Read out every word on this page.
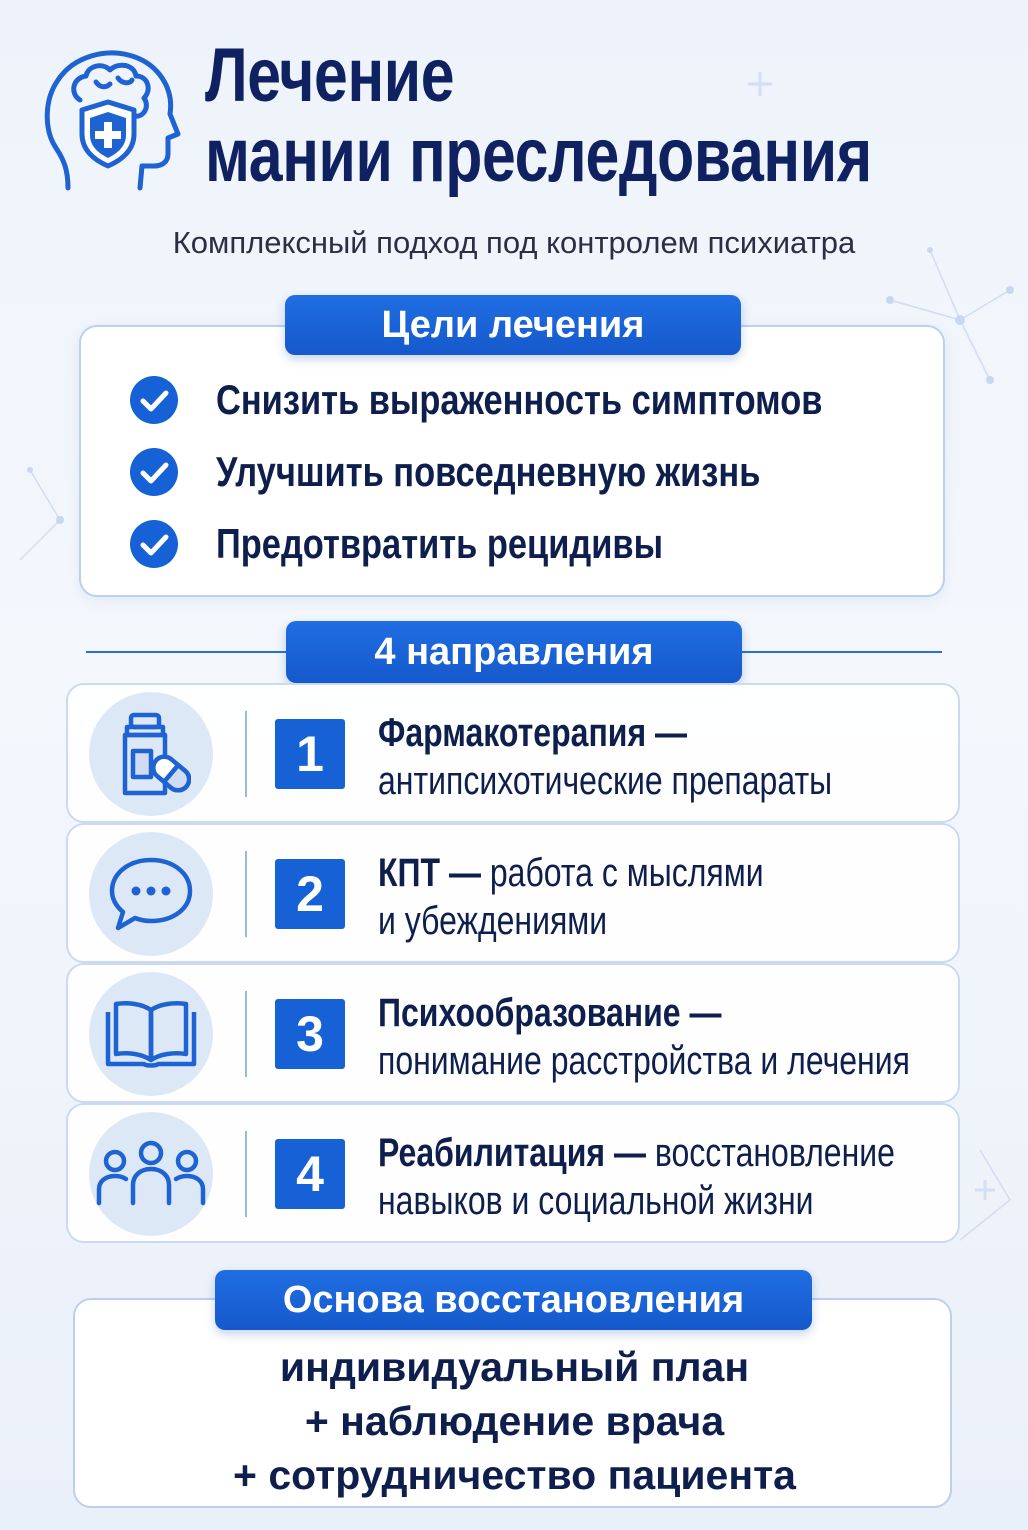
Лечение
мании преследования

Комплексный подход под контролем психиатра

Снизить выраженность симптомов
Улучшить повседневную жизнь
Предотвратить рецидивы
Цели лечения
4 направления
1	Фармакотерапия —
антипсихотические препараты
2	КПТ — работа с мыслями
и убеждениями
3	Психообразование —
понимание расстройства и лечения
4	Реабилитация — восстановление
навыков и социальной жизни
индивидуальный план
+ наблюдение врача
+ сотрудничество пациента
Основа восстановления
